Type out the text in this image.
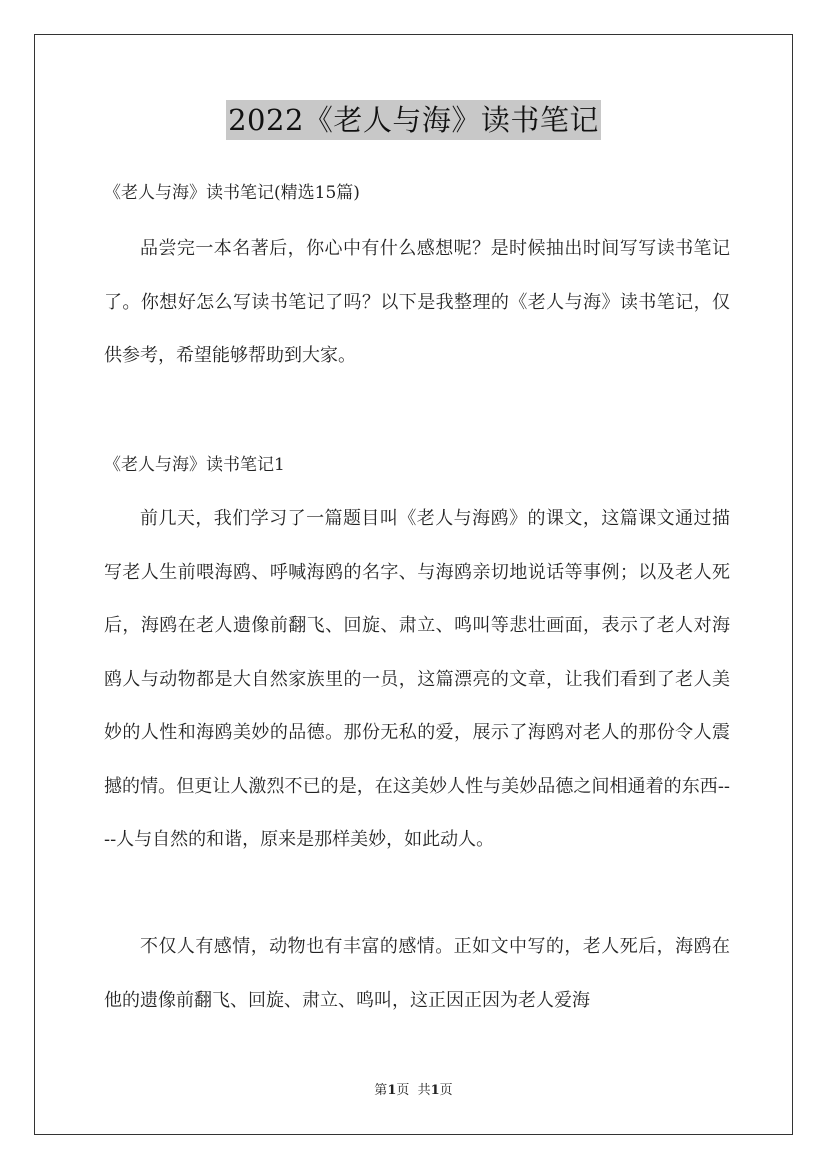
2022《老人与海》读书笔记
《老人与海》读书笔记(精选15篇)

品尝完一本名著后，你心中有什么感想呢？是时候抽出时间写写读书笔记了。你想好怎么写读书笔记了吗？以下是我整理的《老人与海》读书笔记，仅供参考，希望能够帮助到大家。

《老人与海》读书笔记1

前几天，我们学习了一篇题目叫《老人与海鸥》的课文，这篇课文通过描写老人生前喂海鸥、呼喊海鸥的名字、与海鸥亲切地说话等事例；以及老人死后，海鸥在老人遗像前翻飞、回旋、肃立、鸣叫等悲壮画面，表示了老人对海鸥人与动物都是大自然家族里的一员，这篇漂亮的文章，让我们看到了老人美妙的人性和海鸥美妙的品德。那份无私的爱，展示了海鸥对老人的那份令人震撼的情。但更让人激烈不已的是，在这美妙人性与美妙品德之间相通着的东西----人与自然的和谐，原来是那样美妙，如此动人。

不仅人有感情，动物也有丰富的感情。正如文中写的，老人死后，海鸥在他的遗像前翻飞、回旋、肃立、鸣叫，这正因正因为老人爱海

第1页  共1页
